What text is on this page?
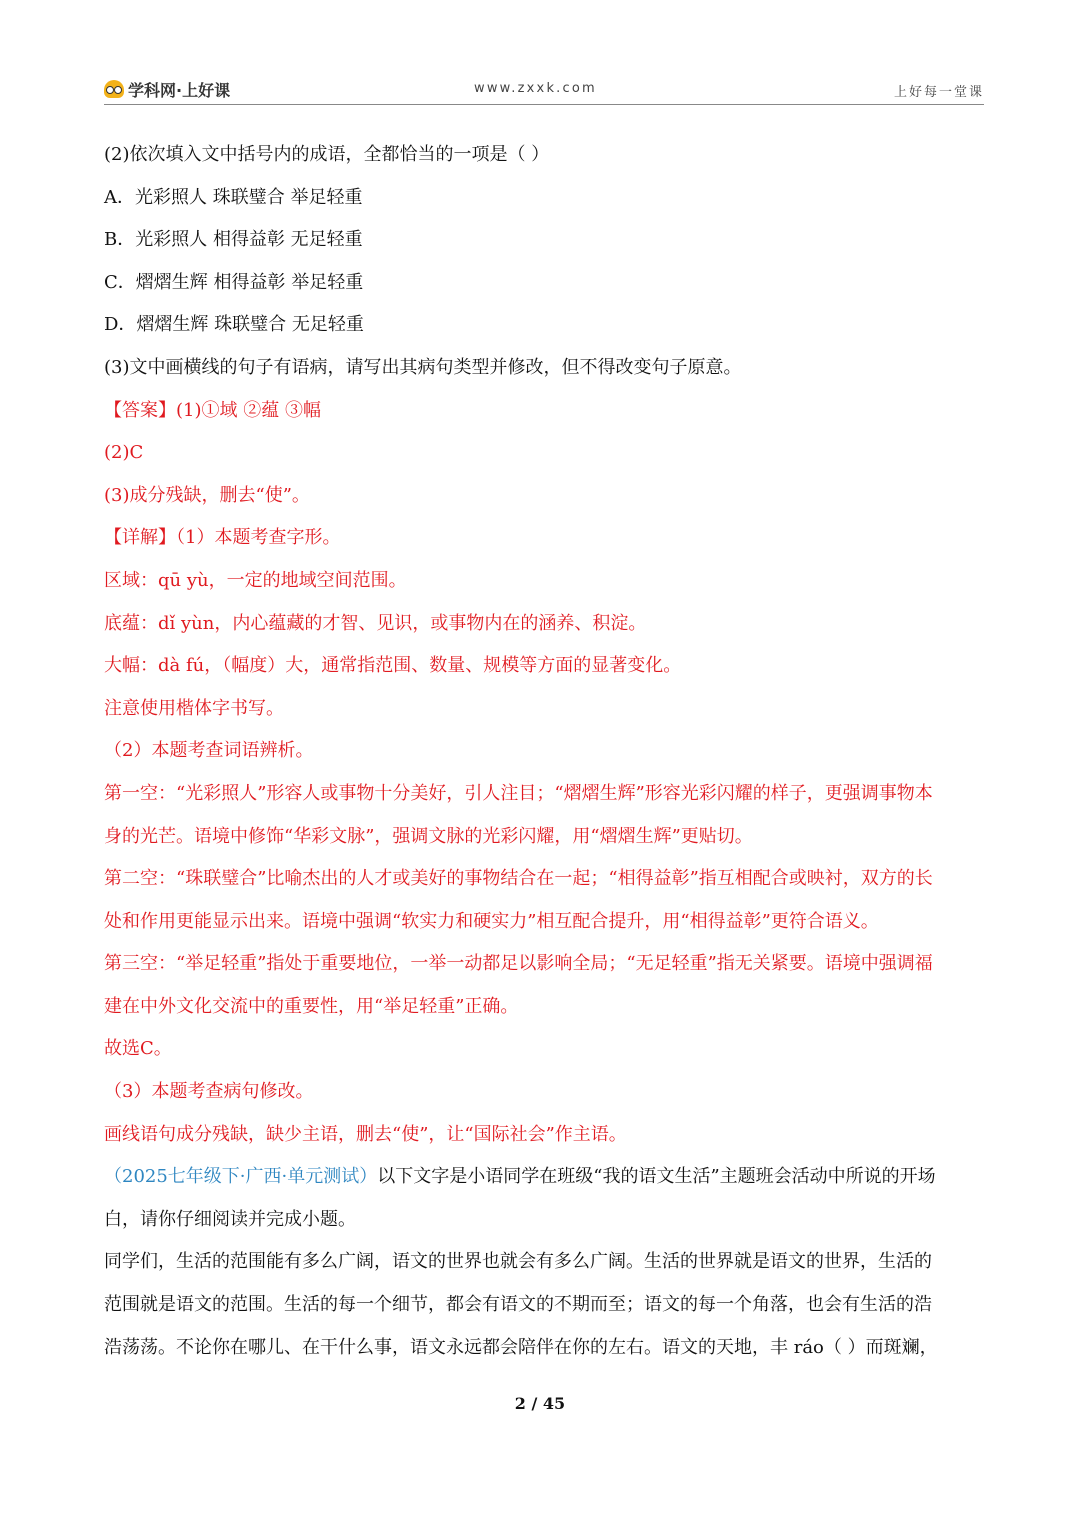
学科网·上好课	www.zxxk.com	上好每一堂课
(2)依次填入文中括号内的成语，全都恰当的一项是（ ）
A．光彩照人 珠联璧合 举足轻重
B．光彩照人 相得益彰 无足轻重
C．熠熠生辉 相得益彰 举足轻重
D．熠熠生辉 珠联璧合 无足轻重
(3)文中画横线的句子有语病，请写出其病句类型并修改，但不得改变句子原意。
【答案】(1)①域 ②蕴 ③幅
(2)C
(3)成分残缺，删去“使”。
【详解】（1）本题考查字形。
区域：qū yù，一定的地域空间范围。
底蕴：dǐ yùn，内心蕴藏的才智、见识，或事物内在的涵养、积淀。
大幅：dà fú，（幅度）大，通常指范围、数量、规模等方面的显著变化。
注意使用楷体字书写。
（2）本题考查词语辨析。
第一空：“光彩照人”形容人或事物十分美好，引人注目；“熠熠生辉”形容光彩闪耀的样子，更强调事物本
身的光芒。语境中修饰“华彩文脉”，强调文脉的光彩闪耀，用“熠熠生辉”更贴切。
第二空：“珠联璧合”比喻杰出的人才或美好的事物结合在一起；“相得益彰”指互相配合或映衬，双方的长
处和作用更能显示出来。语境中强调“软实力和硬实力”相互配合提升，用“相得益彰”更符合语义。
第三空：“举足轻重”指处于重要地位，一举一动都足以影响全局；“无足轻重”指无关紧要。语境中强调福
建在中外文化交流中的重要性，用“举足轻重”正确。
故选C。
（3）本题考查病句修改。
画线语句成分残缺，缺少主语，删去“使”，让“国际社会”作主语。
（2025七年级下·广西·单元测试）以下文字是小语同学在班级“我的语文生活”主题班会活动中所说的开场
白，请你仔细阅读并完成小题。
同学们，生活的范围能有多么广阔，语文的世界也就会有多么广阔。生活的世界就是语文的世界，生活的
范围就是语文的范围。生活的每一个细节，都会有语文的不期而至；语文的每一个角落，也会有生活的浩
浩荡荡。不论你在哪儿、在干什么事，语文永远都会陪伴在你的左右。语文的天地，丰 ráo（ ）而斑斓，
2 / 45
